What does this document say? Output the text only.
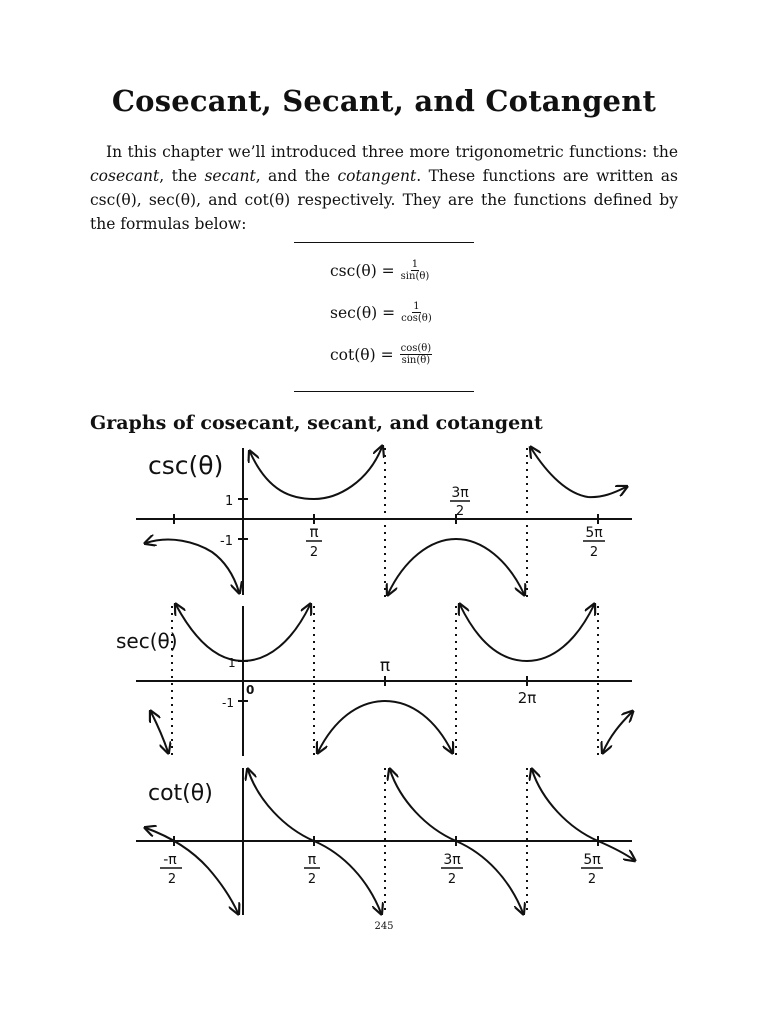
Cosecant, Secant, and Cotangent

In this chapter we’ll introduced three more trigonometric functions: the cosecant, the secant, and the cotangent. These functions are written as csc(θ), sec(θ), and cot(θ) respectively. They are the functions defined by the formulas below:

$\csc(\theta) = \frac{1}{\sin(\theta)}$
$\sec(\theta) = \frac{1}{\cos(\theta)}$
$\cot(\theta) = \frac{\cos(\theta)}{\sin(\theta)}$
Graphs of cosecant, secant, and cotangent
csc(θ)
1
-1
π
2
3π
2
5π
2
sec(θ)
1
-1
0
π
2π
cot(θ)
-π
2
π
2
3π
2
5π
2
245
